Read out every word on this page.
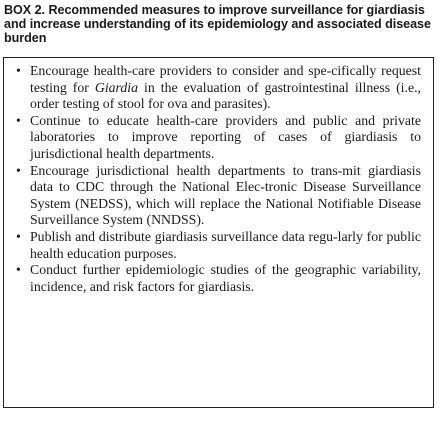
BOX 2. Recommended measures to improve surveillance for giardiasis and increase understanding of its epidemiology and associated disease burden
• Encourage health-care providers to consider and spe-cifically request testing for Giardia in the evaluation of gastrointestinal illness (i.e., order testing of stool for ova and parasites).
• Continue to educate health-care providers and public and private laboratories to improve reporting of cases of giardiasis to jurisdictional health departments.
• Encourage jurisdictional health departments to trans-mit giardiasis data to CDC through the National Elec-tronic Disease Surveillance System (NEDSS), which will replace the National Notifiable Disease Surveillance System (NNDSS).
• Publish and distribute giardiasis surveillance data regu-larly for public health education purposes.
• Conduct further epidemiologic studies of the geographic variability, incidence, and risk factors for giardiasis.
